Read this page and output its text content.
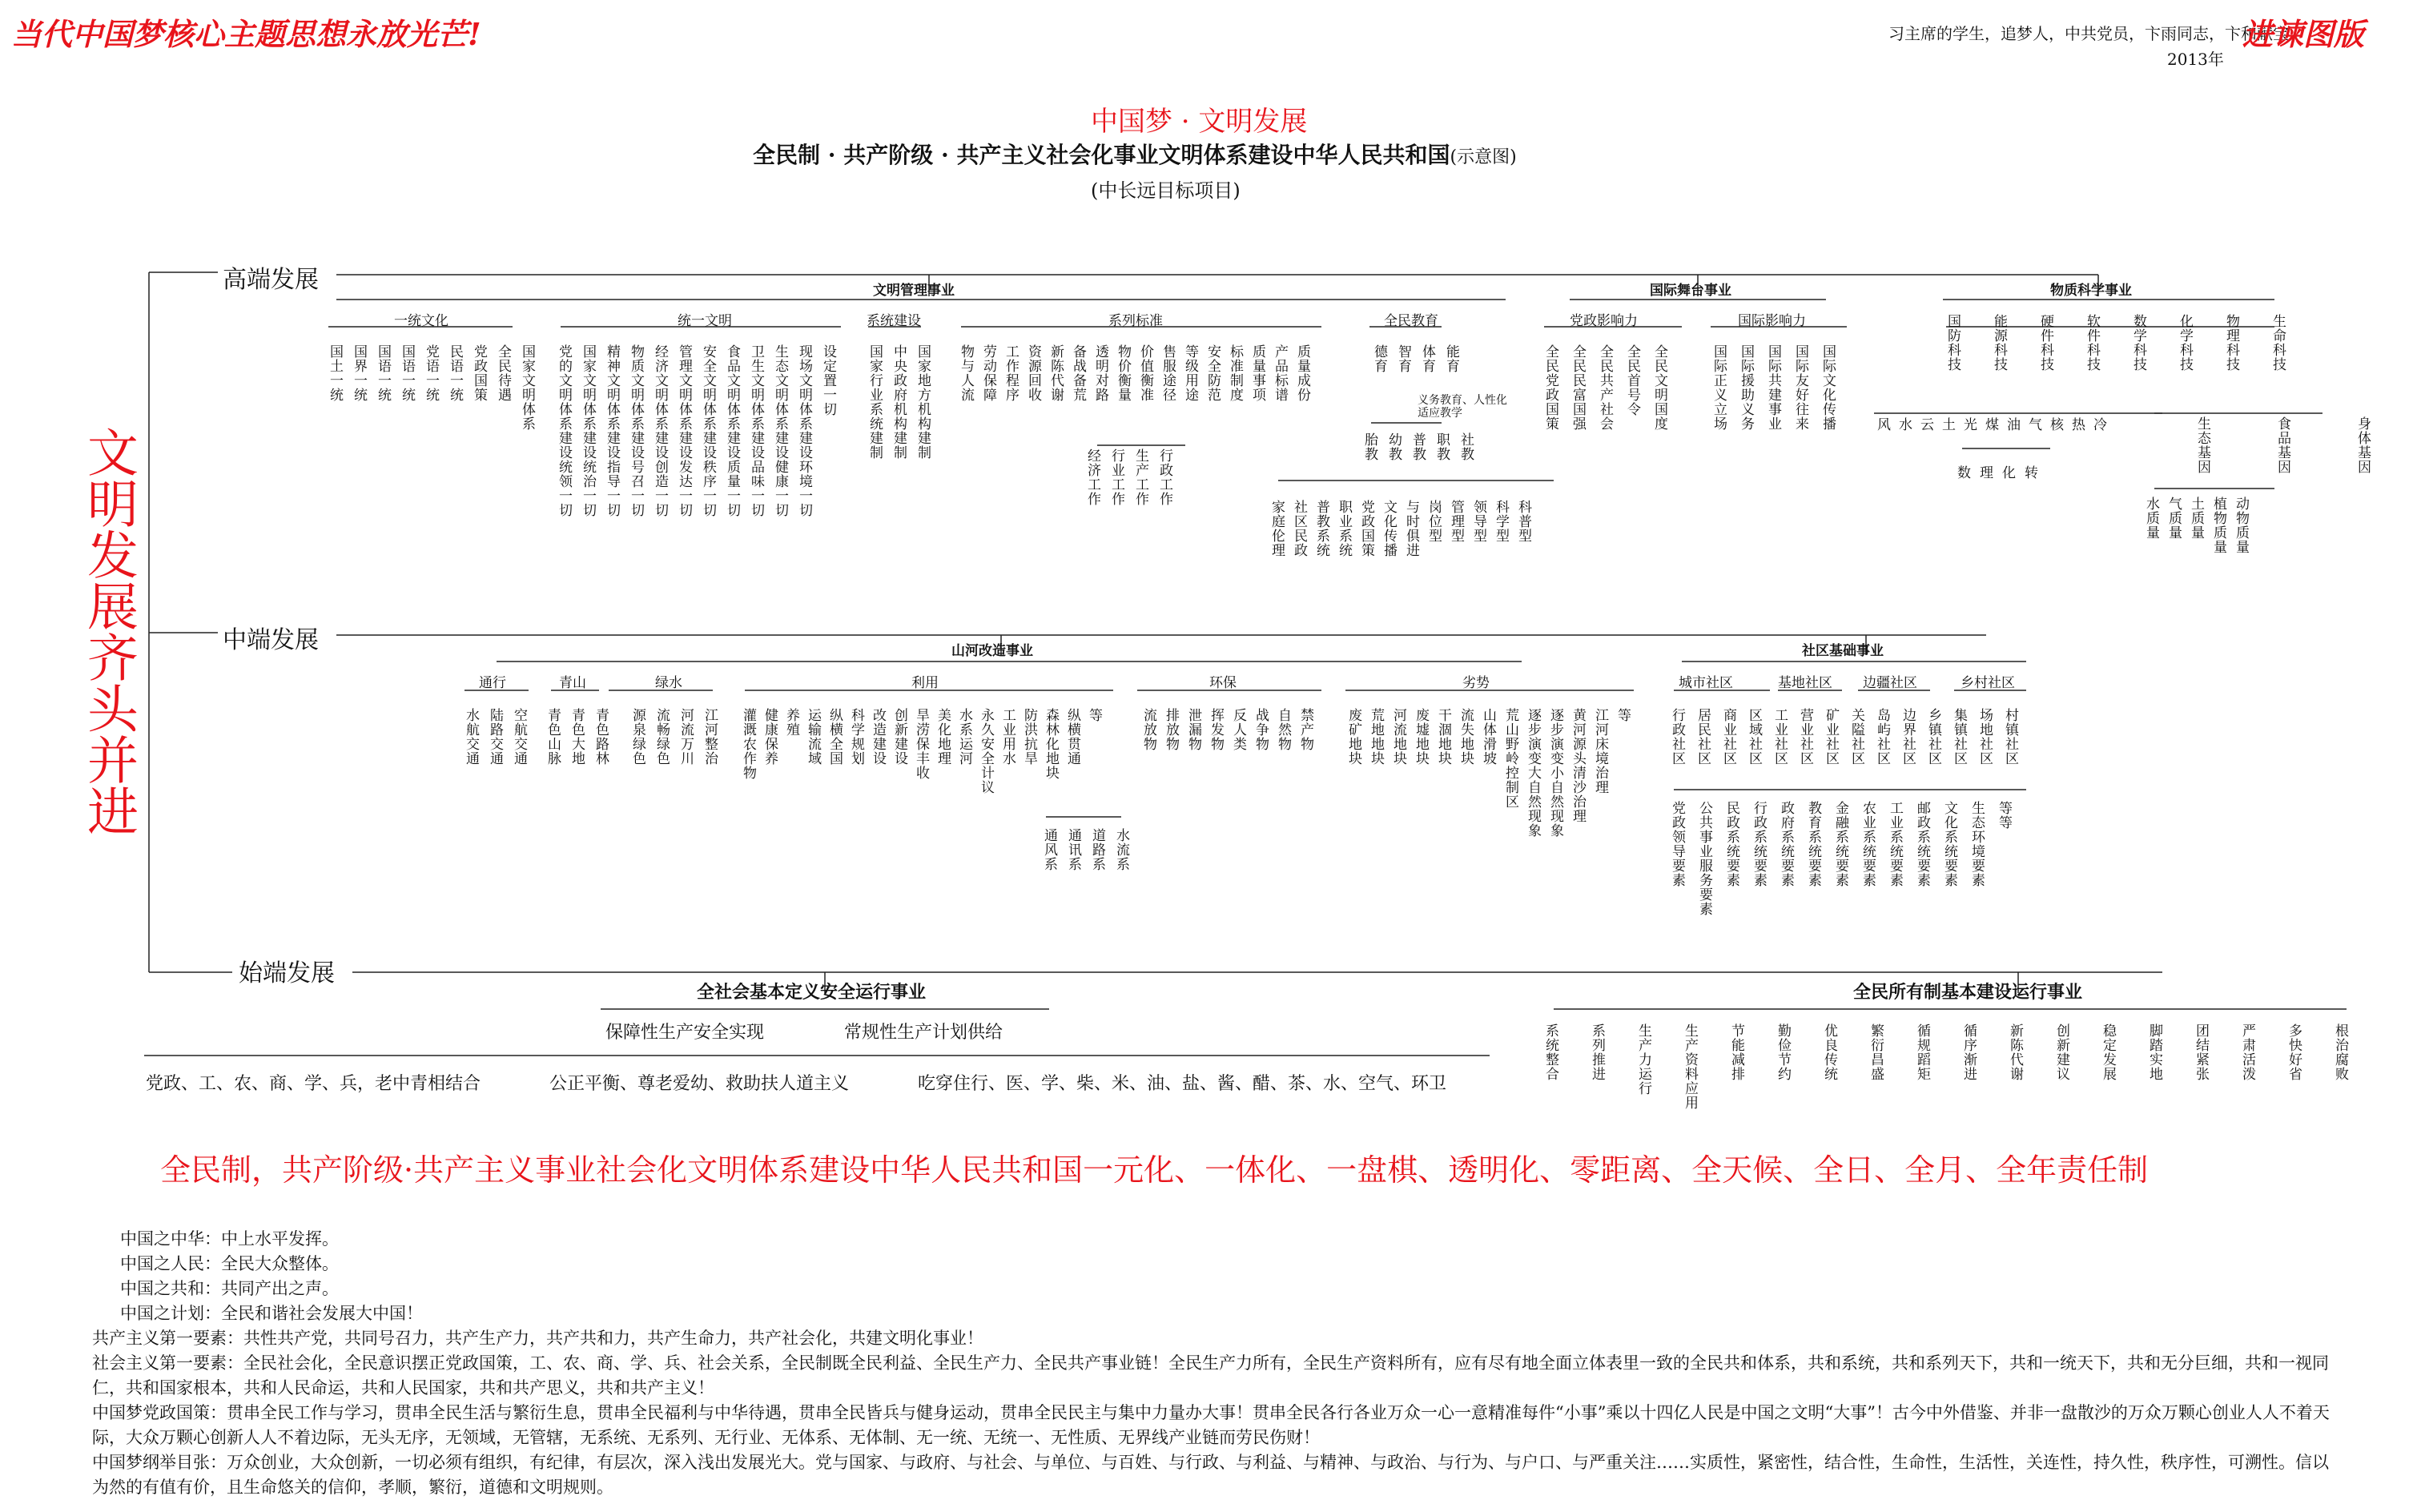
当代中国梦核心主题思想永放光芒!	习主席的学生，追梦人，中共党员，卞雨同志，卞和献宝
2013年
进谏图版
中国梦 · 文明发展
全民制 · 共产阶级 · 共产主义社会化事业文明体系建设中华人民共和国(示意图)
(中长远目标项目)
文明发展齐头并进
高端发展
中端发展
始端发展
文明管理事业	国际舞台事业	物质科学事业
一统文化	统一文明	系统建设	系列标准	全民教育	党政影响力	国际影响力
义务教育、人性化适应教学
国土一统 国界一统 国语一统 国语一统 党语一统 民语一统 党政国策 全民待遇 国家文明体系 党的文明体系建设统领一切 国家文明体系建设统治一切 精神文明体系建设指导一切 物质文明体系建设号召一切 经济文明体系建设创造一切 管理文明体系建设发达一切 安全文明体系建设秩序一切 食品文明体系建设质量一切 卫生文明体系建设品味一切 生态文明体系建设健康一切 现场文明体系建设环境一切 设定置一切 国家行业系统建制 中央政府机构建制 国家地方机构建制 物与人流 劳动保障 工作程序 资源回收 新陈代谢 备战备荒 透明对路 物价衡量 价值衡准 售服途径 等级用途 安全防范 标准制度 质量事项 产品标谱 质量成份
经济工作 行业工作 生产工作 行政工作
德育 智育 体育 能育
胎教 幼教 普教 职教 社教
家庭伦理 社区民政 普教系统 职业系统 党政国策 文化传播 与时俱进 岗位型 管理型 领导型 科学型 科普型
全民党政国策 全民民富国强 全民共产社会 全民首号令 全民文明国度	国际正义立场 国际援助义务 国际共建事业 国际友好往来 国际文化传播
国防科技 能源科技 硬件科技 软件科技 数学科技 化学科技 物理科技 生命科技
风 水 云 土 光 煤 油 气 核 热 冷
数 理 化 转	生态基因	食品基因	身体基因
水质量 气质量 土质量 植物质量 动物质量
山河改造事业	社区基础事业
通行	青山	绿水	利用	环保	劣势	城市社区	基地社区 边疆社区	乡村社区
水航交通 陆路交通 空航交通 青色山脉 青色大地 青色路林 源泉绿色 流畅绿色 河流万川 江河整治 灌溉农作物 健康保养 养殖 运输流域 纵横全国 科学规划 改造建设 创新建设 旱涝保丰收 美化地理 水系运河 永久安全计议 工业用水 防洪抗旱 森林化地块 纵横贯通 等
通风系 通讯系 道路系 水流系
流放物 排放物 泄漏物 挥发物 反人类 战争物 自然物 禁产物 废矿地块 荒地地块 河流地块 废墟地块 干涸地块 流失地块 山体滑坡 荒山野岭控制区 逐步演变大自然现象 逐步演变小自然现象 黄河源头清沙治理 江河床境治理 等	行政社区 居民社区 商业社区 区域社区 工业社区 营业社区 矿业社区 关隘社区 岛屿社区 边界社区 乡镇社区 集镇社区 场地社区 村镇社区
党政领导要素 公共事业服务要素 民政系统要素 行政系统要素 政府系统要素 教育系统要素 金融系统要素 农业系统要素 工业系统要素 邮政系统要素 文化系统要素 生态环境要素 等等
全社会基本定义安全运行事业	全民所有制基本建设运行事业
保障性生产安全实现	常规性生产计划供给
党政、工、农、商、学、兵，老中青相结合	公正平衡、尊老爱幼、救助扶人道主义	吃穿住行、医、学、柴、米、油、盐、酱、醋、茶、水、空气、环卫
系统整合 系列推进 生产力运行 生产资料应用 节能减排 勤俭节约 优良传统 繁衍昌盛 循规蹈矩 循序渐进 新陈代谢 创新建议 稳定发展 脚踏实地 团结紧张 严肃活泼 多快好省 根治腐败
全民制，共产阶级·共产主义事业社会化文明体系建设中华人民共和国一元化、一体化、一盘棋、透明化、零距离、全天候、全日、全月、全年责任制
中国之中华：中上水平发挥。
中国之人民：全民大众整体。
中国之共和：共同产出之声。
中国之计划：全民和谐社会发展大中国！
共产主义第一要素：共性共产党，共同号召力，共产生产力，共产共和力，共产生命力，共产社会化，共建文明化事业！
社会主义第一要素：全民社会化，全民意识摆正党政国策，工、农、商、学、兵、社会关系，全民制既全民利益、全民生产力、全民共产事业链！全民生产力所有，全民生产资料所有，应有尽有地全面立体表里一致的全民共和体系，共和系统，共和系列天下，共和一统天下，共和无分巨细，共和一视同仁，共和国家根本，共和人民命运，共和人民国家，共和共产思义，共和共产主义！
中国梦党政国策：贯串全民工作与学习，贯串全民生活与繁衍生息，贯串全民福利与中华待遇，贯串全民皆兵与健身运动，贯串全民民主与集中力量办大事！贯串全民各行各业万众一心一意精准每件“小事”乘以十四亿人民是中国之文明“大事”！古今中外借鉴、并非一盘散沙的万众万颗心创业人人不着天际，大众万颗心创新人人不着边际，无头无序，无领域，无管辖，无系统、无系列、无行业、无体系、无体制、无一统、无统一、无性质、无界线产业链而劳民伤财！
中国梦纲举目张：万众创业，大众创新，一切必须有组织，有纪律，有层次，深入浅出发展光大。党与国家、与政府、与社会、与单位、与百姓、与行政、与利益、与精神、与政治、与行为、与户口、与严重关注……实质性，紧密性，结合性，生命性，生活性，关连性，持久性，秩序性，可溯性。信以为然的有值有价，且生命悠关的信仰，孝顺，繁衍，道德和文明规则。
